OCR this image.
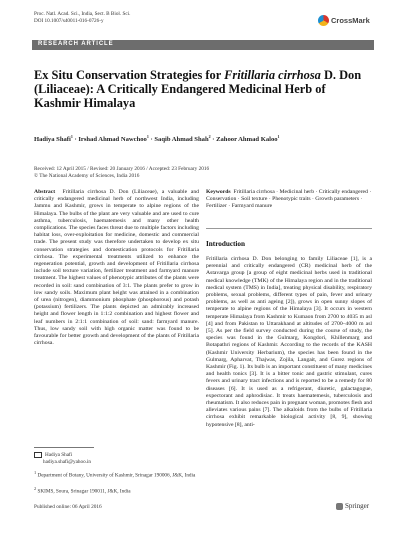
Proc. Natl. Acad. Sci., India, Sect. B Biol. Sci.
DOI 10.1007/s40011-016-0726-y	CrossMark
RESEARCH ARTICLE
Ex Situ Conservation Strategies for Fritillaria cirrhosa D. Don (Liliaceae): A Critically Endangered Medicinal Herb of Kashmir Himalaya
Hadiya Shafi$^1$ · Irshad Ahmad Nawchoo$^1$ · Saqib Ahmad Shah$^2$ · Zahoor Ahmad Kaloo$^1$
Received: 12 April 2015 / Revised: 20 January 2016 / Accepted: 23 February 2016
© The National Academy of Sciences, India 2016
Abstract Fritillaria cirrhosa D. Don (Liliaceae), a valuable and critically endangered medicinal herb of northwest India, including Jammu and Kashmir, grows in temperate to alpine regions of the Himalaya. The bulbs of the plant are very valuable and are used to cure asthma, tuberculosis, haematemesis and many other health complications. The species faces threat due to multiple factors including habitat loss, over-exploitation for medicine, domestic and commercial trade. The present study was therefore undertaken to develop ex situ conservation strategies and domestication protocols for Fritillaria cirrhosa. The experimental treatments utilized to enhance the regeneration potential, growth and development of Fritillaria cirrhosa include soil texture variation, fertilizer treatment and farmyard manure treatment. The highest values of phenotypic attributes of the plants were recorded in soil: sand combination of 3:1. The plants prefer to grow in low sandy soils. Maximum plant height was attained in a combination of urea (nitrogen), diammonium phosphate (phosphorous) and potash (potassium) fertilizers. The plants depicted an admirably increased height and flower length in 1:1:2 combination and highest flower and leaf numbers in 2:1:1 combination of soil: sand: farmyard manure. Thus, low sandy soil with high organic matter was found to be favourable for better growth and development of the plants of Fritillaria cirrhosa.
Keywords Fritillaria cirrhosa · Medicinal herb · Critically endangered · Conservation · Soil texture · Phenotypic traits · Growth parameters · Fertilizer · Farmyard manure
Introduction
Fritillaria cirrhosa D. Don belonging to family Liliaceae [1], is a perennial and critically endangered (CR) medicinal herb of the Astavarga group [a group of eight medicinal herbs used in traditional medical knowledge (TMK) of the Himalaya region and in the traditional medical system (TMS) in India], treating physical disability, respiratory problems, sexual problems, different types of pain, fever and urinary problems, as well as anti ageing [2]), grows in open sunny slopes of temperate to alpine regions of the Himalaya [3]. It occurs in western temperate Himalaya from Kashmir to Kumaon from 2700 to 4035 m asl [4] and from Pakistan to Uttarakhand at altitudes of 2700–4000 m asl [5]. As per the field survey conducted during the course of study, the species was found in the Gulmarg, Kongdori, Khillenmarg and Botapathri regions of Kashmir. According to the records of the KASH (Kashmir University Herbarium), the species has been found in the Gulmarg, Apharvat, Thajwas, Zojila, Langait, and Gurez regions of Kashmir (Fig. 1). Its bulb is an important constituent of many medicines and health tonics [3]. It is a bitter tonic and gastric stimulant, cures fevers and urinary tract infections and is reported to be a remedy for 80 diseases [6]. It is used as a refrigerant, diuretic, galactagogue, expectorant and aphrodisiac. It treats haematemesis, tuberculosis and rheumatism. It also reduces pain in pregnant woman, promotes flesh and alleviates various pains [7]. The alkaloids from the bulbs of Fritillaria cirrhosa exhibit remarkable biological activity [8, 9], showing hypotensive [8], anti-
Hadiya Shafi
hadiya.shafi@yahoo.in
$^1$ Department of Botany, University of Kashmir, Srinagar 190006, J&K, India
$^2$ SKIMS, Soura, Srinagar 190011, J&K, India
Published online: 06 April 2016	Springer
